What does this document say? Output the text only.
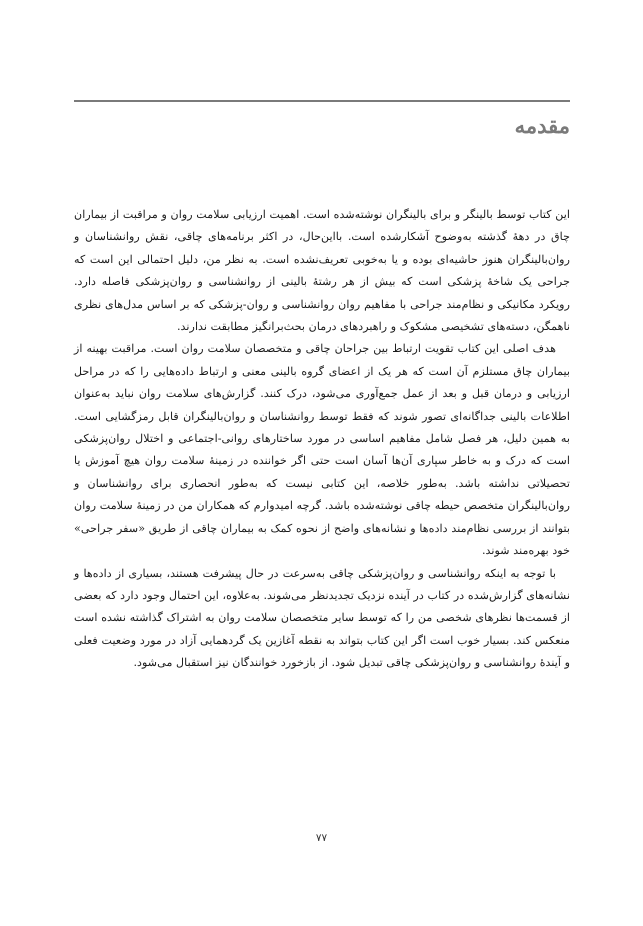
مقدمه

این کتاب توسط بالینگر و برای بالینگران نوشته‌شده است. اهمیت ارزیابی سلامت روان و مراقبت از بیماران چاق در دههٔ گذشته به‌وضوح آشکارشده است. بااین‌حال، در اکثر برنامه‌های چاقی، نقش روانشناسان و روان‌بالینگران هنوز حاشیه‌ای بوده و یا به‌خوبی تعریف‌نشده است. به نظر من، دلیل احتمالی این است که جراحی یک شاخهٔ پزشکی است که بیش از هر رشتهٔ بالینی از روانشناسی و روان‌پزشکی فاصله دارد. رویکرد مکانیکی و نظام‌مند جراحی با مفاهیم روان روانشناسی و روان-پزشکی که بر اساس مدل‌های نظری ناهمگن، دسته‌های تشخیصی مشکوک و راهبردهای درمان بحث‌برانگیز مطابقت ندارند.

هدف اصلی این کتاب تقویت ارتباط بین جراحان چاقی و متخصصان سلامت روان است. مراقبت بهینه از بیماران چاق مستلزم آن است که هر یک از اعضای گروه بالینی معنی و ارتباط داده‌هایی را که در مراحل ارزیابی و درمان قبل و بعد از عمل جمع‌آوری می‌شود، درک کنند. گزارش‌های سلامت روان نباید به‌عنوان اطلاعات بالینی جداگانه‌ای تصور شوند که فقط توسط روانشناسان و روان‌بالینگران قابل رمزگشایی است. به همین دلیل، هر فصل شامل مفاهیم اساسی در مورد ساختارهای روانی-اجتماعی و اختلال روان‌پزشکی است که درک و به خاطر سپاری آن‌ها آسان است حتی اگر خواننده در زمینهٔ سلامت روان هیچ آموزش یا تحصیلاتی نداشته باشد. به‌طور خلاصه، این کتابی نیست که به‌طور انحصاری برای روانشناسان و روان‌بالینگران متخصص حیطه چاقی نوشته‌شده باشد. گرچه امیدوارم که همکاران من در زمینهٔ سلامت روان بتوانند از بررسی نظام‌مند داده‌ها و نشانه‌های واضح از نحوه کمک به بیماران چاقی از طریق «سفر جراحی» خود بهره‌مند شوند.

با توجه به اینکه روانشناسی و روان‌پزشکی چاقی به‌سرعت در حال پیشرفت هستند، بسیاری از داده‌ها و نشانه‌های گزارش‌شده در کتاب در آینده نزدیک تجدیدنظر می‌شوند. به‌علاوه، این احتمال وجود دارد که بعضی از قسمت‌ها نظرهای شخصی من را که توسط سایر متخصصان سلامت روان به اشتراک گذاشته نشده است منعکس کند. بسیار خوب است اگر این کتاب بتواند به نقطه آغازین یک گردهمایی آزاد در مورد وضعیت فعلی و آیندهٔ روانشناسی و روان‌پزشکی چاقی تبدیل شود. از بازخورد خوانندگان نیز استقبال می‌شود.

۷۷
